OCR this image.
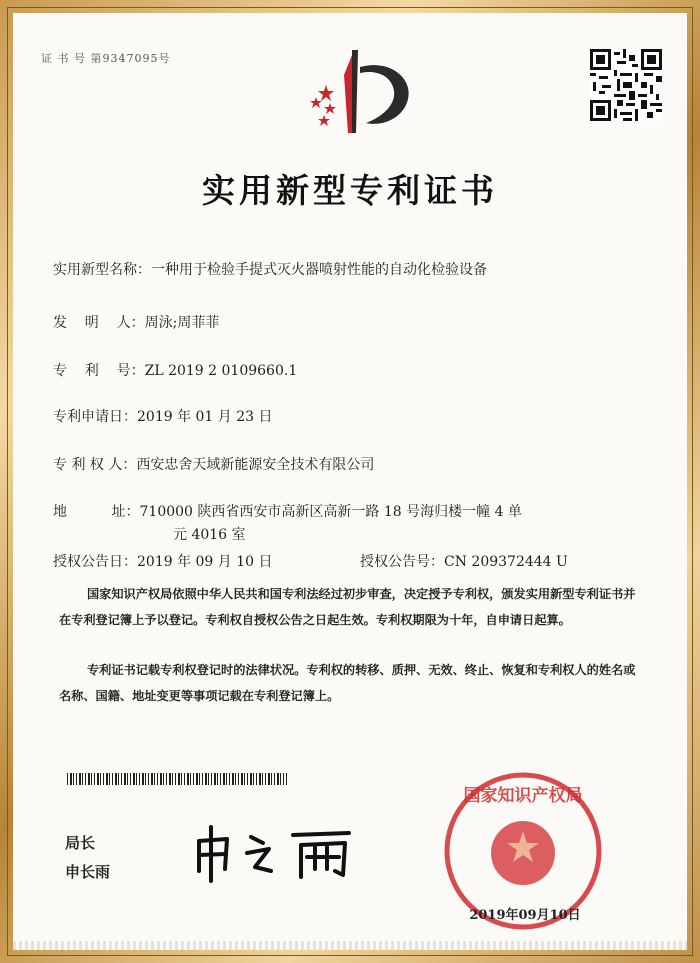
证 书 号 第9347095号
实用新型专利证书
实用新型名称：一种用于检验手提式灭火器喷射性能的自动化检验设备
发    明    人：周泳;周菲菲
专    利    号：ZL 2019 2 0109660.1
专利申请日：2019 年 01 月 23 日
专 利 权 人：西安忠舍天域新能源安全技术有限公司
地          址：710000 陕西省西安市高新区高新一路 18 号海归楼一幢 4 单
元 4016 室
授权公告日：2019 年 09 月 10 日	授权公告号：CN 209372444 U
国家知识产权局依照中华人民共和国专利法经过初步审查，决定授予专利权，颁发实用新型专利证书并在专利登记簿上予以登记。专利权自授权公告之日起生效。专利权期限为十年，自申请日起算。
专利证书记载专利权登记时的法律状况。专利权的转移、质押、无效、终止、恢复和专利权人的姓名或名称、国籍、地址变更等事项记载在专利登记簿上。
局长
申长雨
国家知识产权局
2019年09月10日
